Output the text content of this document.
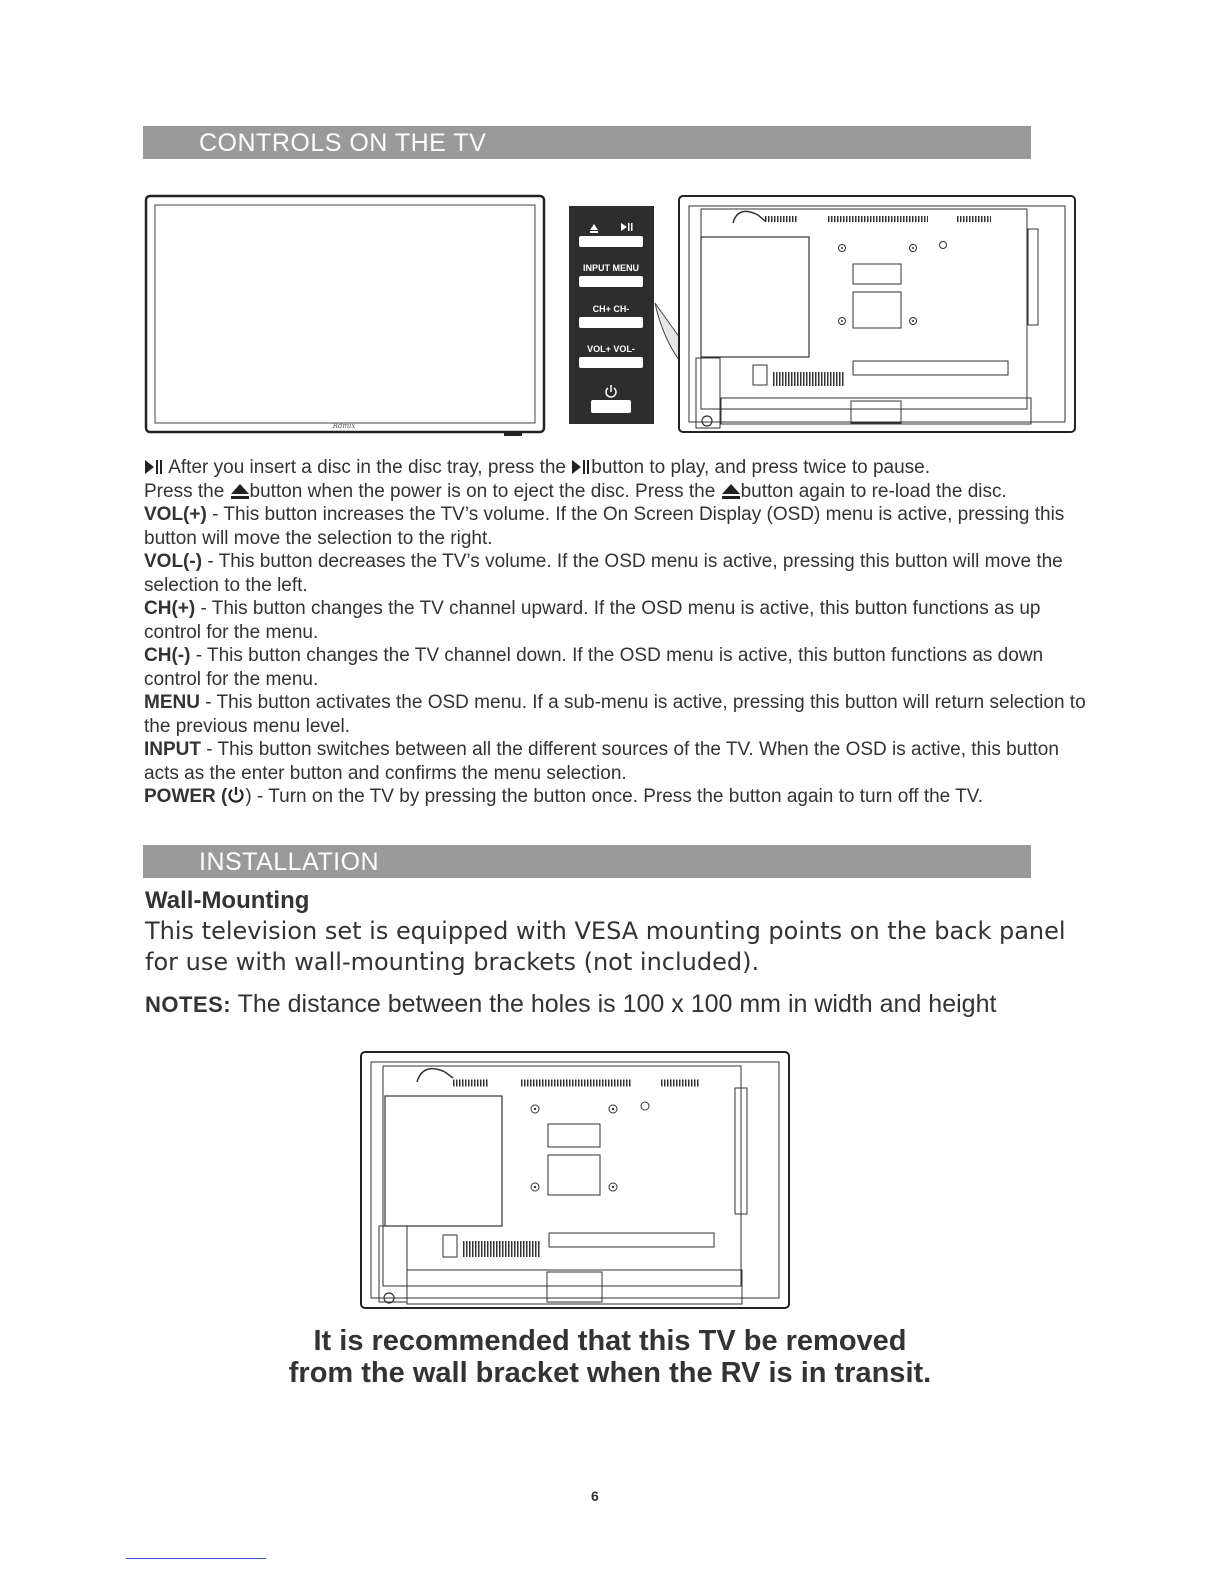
CONTROLS ON THE TV
Rdmix
INPUT MENU
CH+ CH-
VOL+ VOL-

After you insert a disc in the disc tray, press the button to play, and press twice to pause.

Press the button when the power is on to eject the disc. Press the button again to re-load the disc.

VOL(+) - This button increases the TV’s volume. If the On Screen Display (OSD) menu is active, pressing this button will move the selection to the right.

VOL(-) - This button decreases the TV’s volume. If the OSD menu is active, pressing this button will move the selection to the left.

CH(+) - This button changes the TV channel upward. If the OSD menu is active, this button functions as up control for the menu.

CH(-) - This button changes the TV channel down. If the OSD menu is active, this button functions as down control for the menu.

MENU - This button activates the OSD menu. If a sub-menu is active, pressing this button will return selection to the previous menu level.

INPUT - This button switches between all the different sources of the TV. When the OSD is active, this button acts as the enter button and confirms the menu selection.

POWER ( ) - Turn on the TV by pressing the button once. Press the button again to turn off the TV.

INSTALLATION
Wall-Mounting
This television set is equipped with VESA mounting points on the back panel for use with wall-mounting brackets (not included).
NOTES: The distance between the holes is 100 x 100 mm in width and height
It is recommended that this TV be removed
from the wall bracket when the RV is in transit.
6
